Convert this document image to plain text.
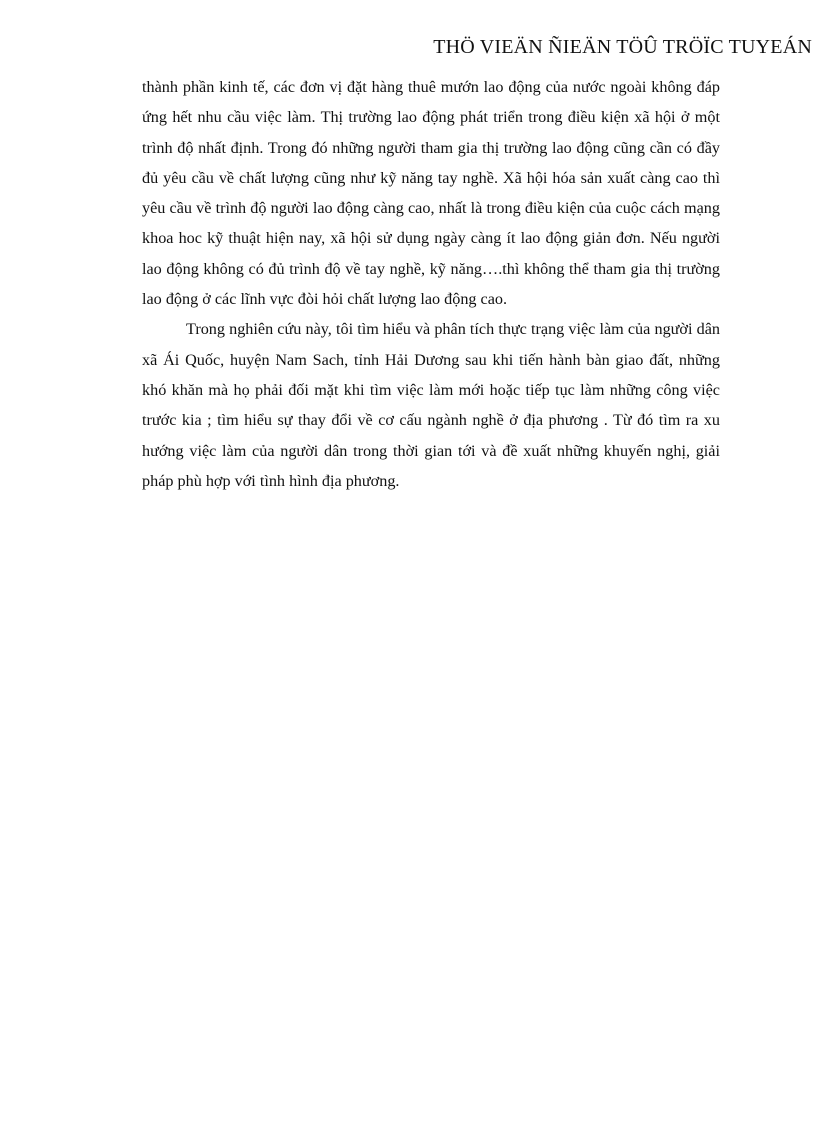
THÖ VIEÄN ÑIEÄN TÖÛ TRÖÏC TUYEÁN

thành phần kinh tế, các đơn vị đặt hàng thuê mướn lao động của nước ngoài không đáp ứng hết nhu cầu việc làm. Thị trường lao động phát triển trong điều kiện xã hội ở một trình độ nhất định. Trong đó những người tham gia thị trường lao động cũng cần có đầy đủ yêu cầu về chất lượng cũng như kỹ năng tay nghề. Xã hội hóa sản xuất càng cao thì yêu cầu về trình độ người lao động càng cao, nhất là trong điều kiện của cuộc cách mạng khoa hoc kỹ thuật hiện nay, xã hội sử dụng ngày càng ít lao động giản đơn. Nếu người lao động không có đủ trình độ về tay nghề, kỹ năng….thì không thể tham gia thị trường lao động ở các lĩnh vực đòi hỏi chất lượng lao động cao.

Trong nghiên cứu này, tôi tìm hiểu và phân tích thực trạng việc làm của người dân xã Ái Quốc, huyện Nam Sach, tỉnh Hải Dương sau khi tiến hành bàn giao đất, những khó khăn mà họ phải đối mặt khi tìm việc làm mới hoặc tiếp tục làm những công việc trước kia ; tìm hiểu sự thay đổi về cơ cấu ngành nghề ở địa phương . Từ đó tìm ra xu hướng việc làm của người dân trong thời gian tới và đề xuất những khuyến nghị, giải pháp phù hợp với tình hình địa phương.
